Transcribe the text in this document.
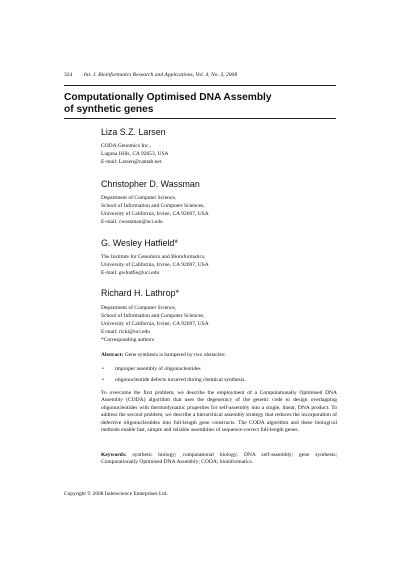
324 Int. J. Bioinformatics Research and Applications, Vol. 4, No. 3, 2008
Computationally Optimised DNA Assembly
of synthetic genes
Liza S.Z. Larsen
CODA Genomics Inc.,
Laguna Hills, CA 92653, USA
E-mail: Larsen@cantab.net
Christopher D. Wassman
Department of Computer Science,
School of Information and Computer Sciences,
University of California, Irvine, CA 92697, USA
E-mail: cwassman@uci.edu
G. Wesley Hatfield*
The Institute for Genomics and Bioinformatics,
University of California, Irvine, CA 92697, USA
E-mail: gwhatfie@uci.edu
Richard H. Lathrop*
Department of Computer Science,
School of Information and Computer Sciences,
University of California, Irvine, CA 92697, USA
E-mail: rickl@uci.edu
*Corresponding authors
Abstract: Gene synthesis is hampered by two obstacles:
• improper assembly of oligonucleotides
• oligonucleotide defects incurred during chemical synthesis.
To overcome the first problem, we describe the employment of a Computationally Optimised DNA Assembly (CODA) algorithm that uses the degeneracy of the genetic code to design overlapping oligonucleotides with thermodynamic properties for self-assembly into a single, linear, DNA product. To address the second problem, we describe a hierarchical assembly strategy that reduces the incorporation of defective oligonucleotides into full-length gene constructs. The CODA algorithm and these biological methods enable fast, simple and reliable assemblies of sequence-correct full-length genes.
Keywords: synthetic biology; computational biology; DNA self-assembly; gene synthesis; Computationally Optimised DNA Assembly; CODA; bioinformatics.
Copyright © 2008 Inderscience Enterprises Ltd.
